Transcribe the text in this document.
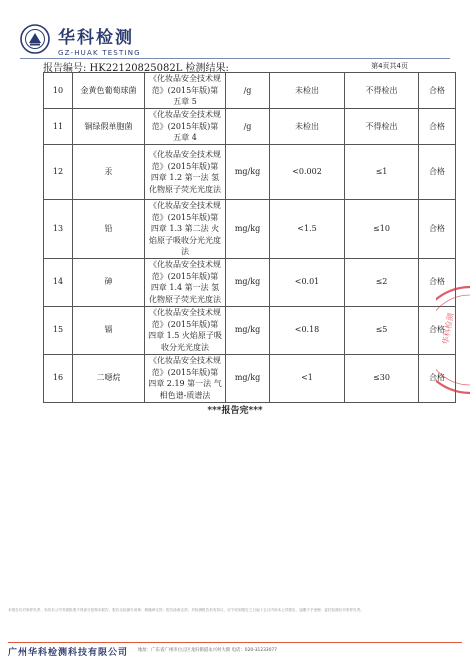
华科检测
GZ-HUAK TESTING
报告编号: HK22120825082L 检测结果:	第4页共4页
10	金黄色葡萄球菌	《化妆品安全技术规范》(2015年版)第五章 5	/g	未检出	不得检出	合格
11	铜绿假单胞菌	《化妆品安全技术规范》(2015年版)第五章 4	/g	未检出	不得检出	合格
12	汞	《化妆品安全技术规范》(2015年版)第四章 1.2 第一法 氢化物原子荧光光度法	mg/kg	<0.002	≤1	合格
13	铅	《化妆品安全技术规范》(2015年版)第四章 1.3 第二法 火焰原子吸收分光光度法	mg/kg	<1.5	≤10	合格
14	砷	《化妆品安全技术规范》(2015年版)第四章 1.4 第一法 氢化物原子荧光光度法	mg/kg	<0.01	≤2	合格
15	镉	《化妆品安全技术规范》(2015年版)第四章 1.5 火焰原子吸收分光光度法	mg/kg	<0.18	≤5	合格
16	二噁烷	《化妆品安全技术规范》(2015年版)第四章 2.19 第一法 气相色谱-质谱法	mg/kg	<1	≤30	合格
***报告完***
华科检测
本报告仅对来样负责，未经本公司书面批准不得部分复制本报告；报告无检测专用章、骑缝章无效；报告涂改无效；对检测报告若有异议，应于收到报告之日起十五日内向本公司提出，逾期不予受理；委托检测仅对来样负责。
广州华科检测科技有限公司 地址：广东省广州市白云区龙归街道永兴村大街 电话：020-31233077
